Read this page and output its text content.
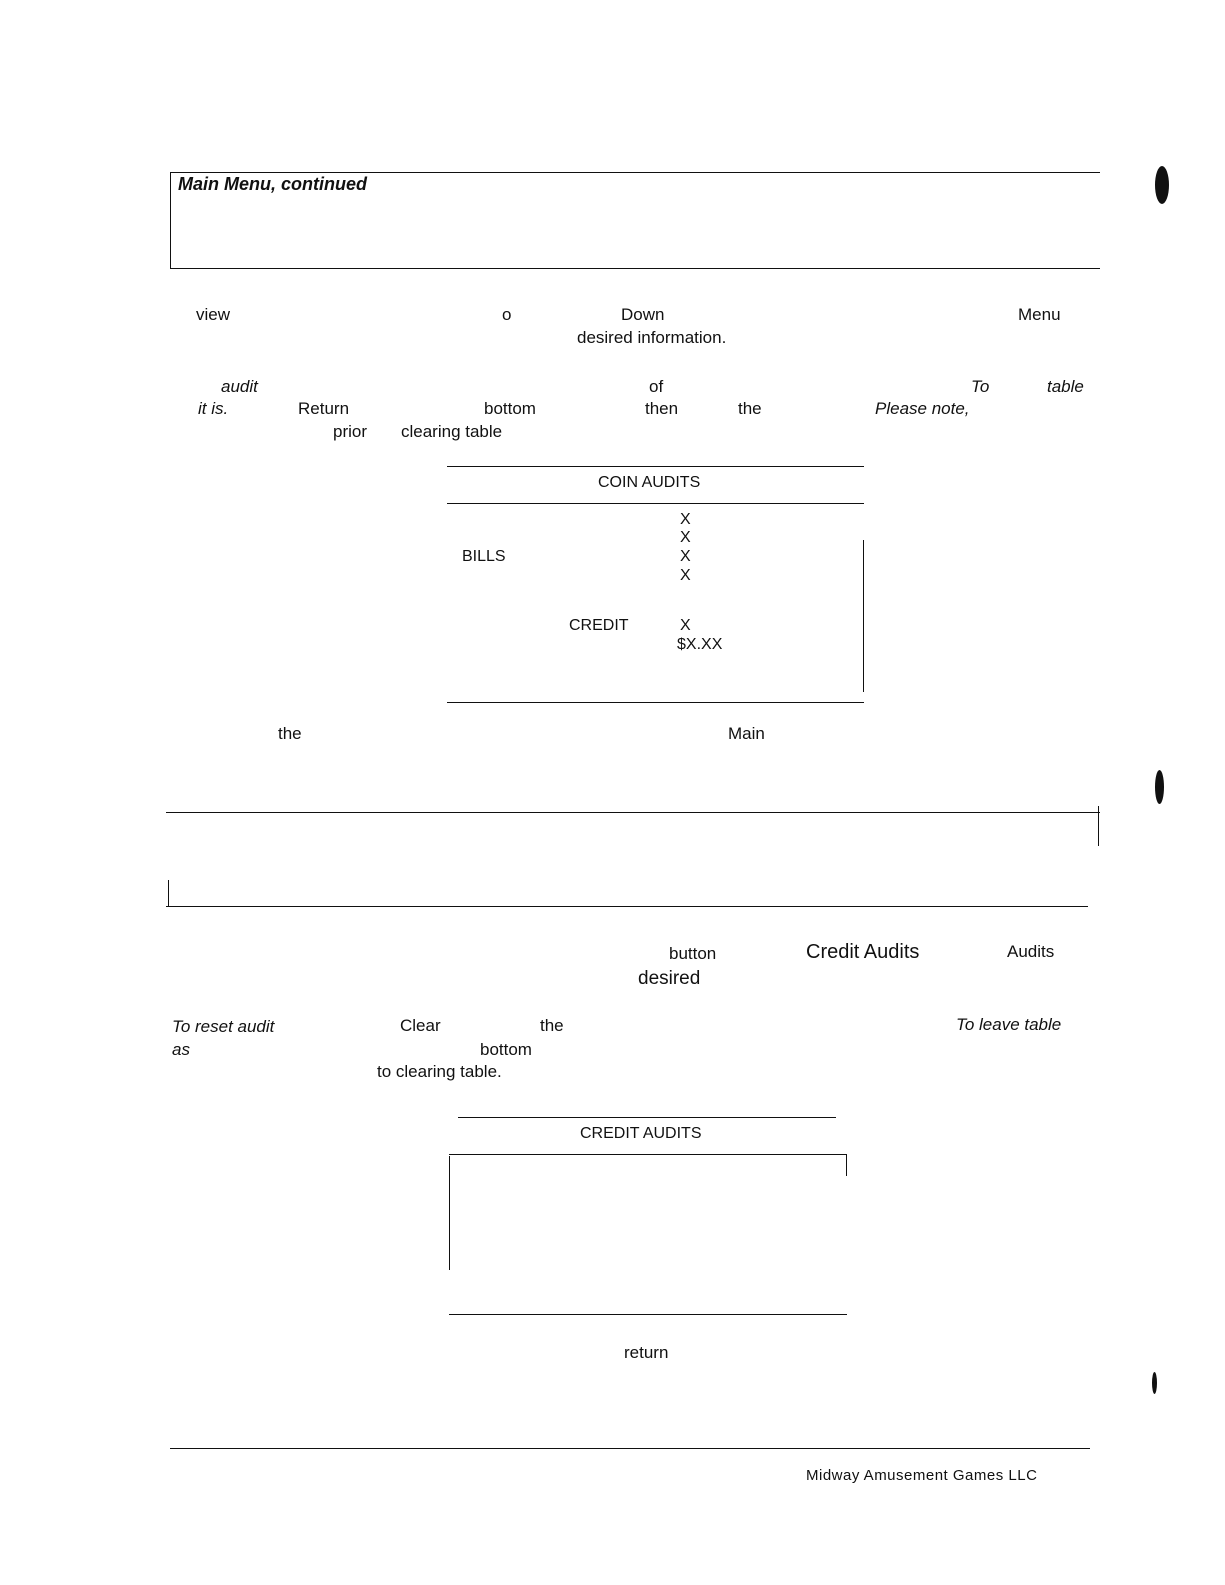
Main Menu, continued
view	o	Down	Menu
desired information.
audit	of	To	table
it is.	Return	bottom	then	the	Please note,
prior clearing table
COIN AUDITS
X
X
BILLS	X
X
CREDIT	X
$X.XX
the	Main
button	Credit Audits	Audits
desired
To reset audit	Clear	the	To leave table
as	bottom
to clearing table.
CREDIT AUDITS
return
Midway Amusement Games LLC
